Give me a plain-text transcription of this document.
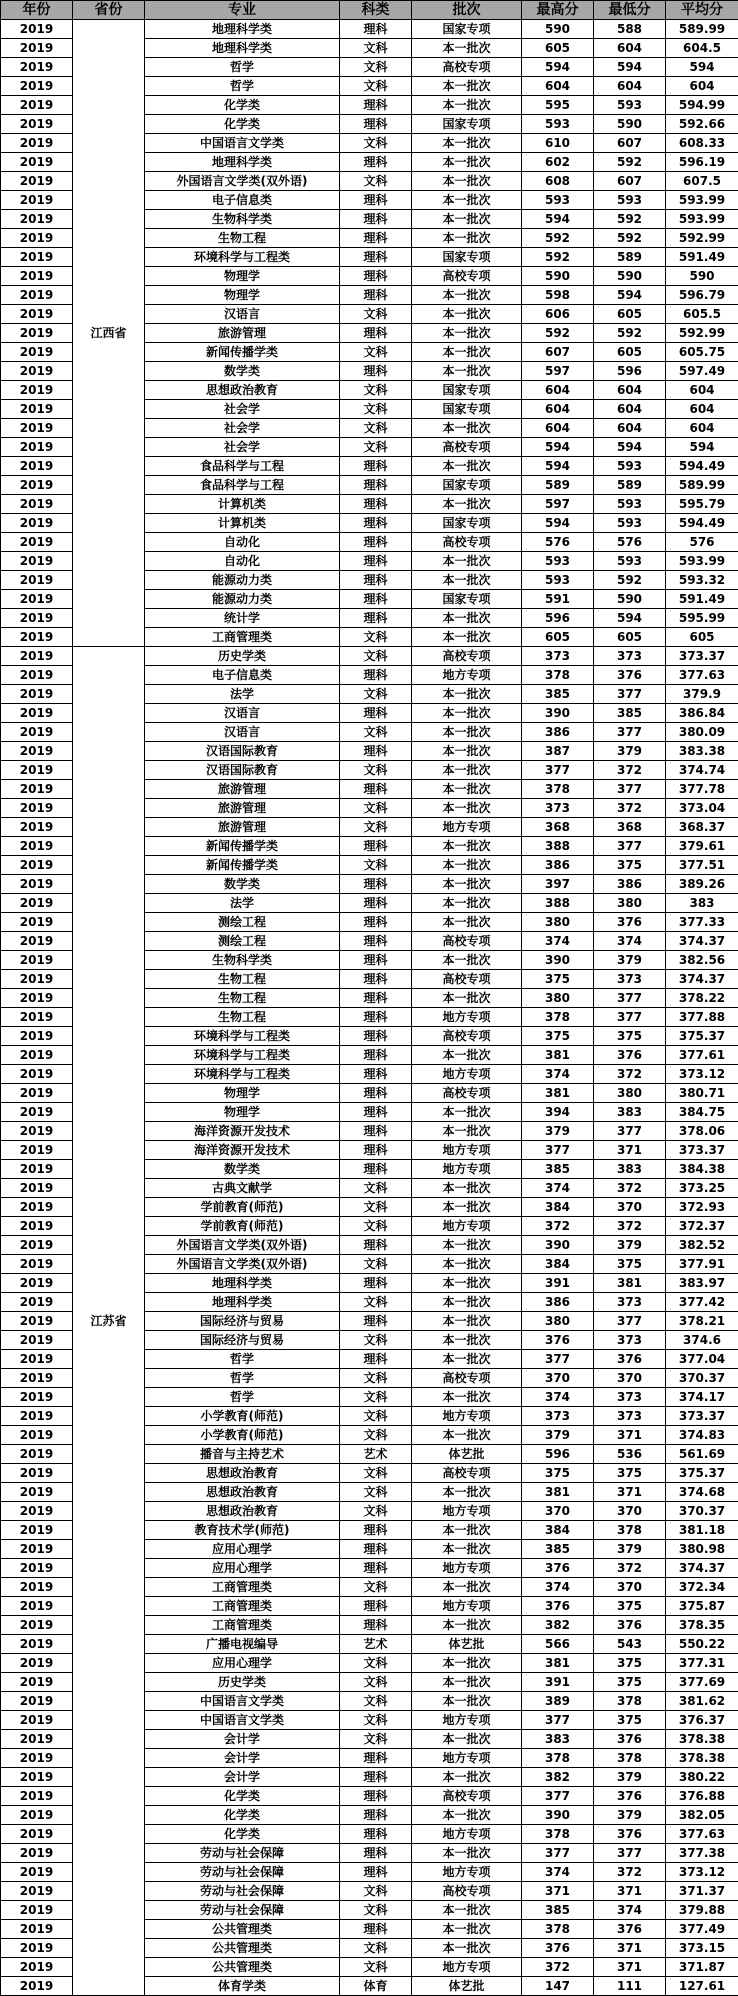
年份	省份	专业	科类	批次	最高分	最低分	平均分
2019	江西省	地理科学类	理科	国家专项	590	588	589.99
2019		地理科学类	文科	本一批次	605	604	604.5
2019		哲学	文科	高校专项	594	594	594
2019		哲学	文科	本一批次	604	604	604
2019		化学类	理科	本一批次	595	593	594.99
2019		化学类	理科	国家专项	593	590	592.66
2019		中国语言文学类	文科	本一批次	610	607	608.33
2019		地理科学类	理科	本一批次	602	592	596.19
2019		外国语言文学类(双外语)	文科	本一批次	608	607	607.5
2019		电子信息类	理科	本一批次	593	593	593.99
2019		生物科学类	理科	本一批次	594	592	593.99
2019		生物工程	理科	本一批次	592	592	592.99
2019		环境科学与工程类	理科	国家专项	592	589	591.49
2019		物理学	理科	高校专项	590	590	590
2019		物理学	理科	本一批次	598	594	596.79
2019		汉语言	文科	本一批次	606	605	605.5
2019		旅游管理	理科	本一批次	592	592	592.99
2019		新闻传播学类	文科	本一批次	607	605	605.75
2019		数学类	理科	本一批次	597	596	597.49
2019		思想政治教育	文科	国家专项	604	604	604
2019		社会学	文科	国家专项	604	604	604
2019		社会学	文科	本一批次	604	604	604
2019		社会学	文科	高校专项	594	594	594
2019		食品科学与工程	理科	本一批次	594	593	594.49
2019		食品科学与工程	理科	国家专项	589	589	589.99
2019		计算机类	理科	本一批次	597	593	595.79
2019		计算机类	理科	国家专项	594	593	594.49
2019		自动化	理科	高校专项	576	576	576
2019		自动化	理科	本一批次	593	593	593.99
2019		能源动力类	理科	本一批次	593	592	593.32
2019		能源动力类	理科	国家专项	591	590	591.49
2019		统计学	理科	本一批次	596	594	595.99
2019		工商管理类	文科	本一批次	605	605	605
2019	江苏省	历史学类	文科	高校专项	373	373	373.37
2019		电子信息类	理科	地方专项	378	376	377.63
2019		法学	文科	本一批次	385	377	379.9
2019		汉语言	理科	本一批次	390	385	386.84
2019		汉语言	文科	本一批次	386	377	380.09
2019		汉语国际教育	理科	本一批次	387	379	383.38
2019		汉语国际教育	文科	本一批次	377	372	374.74
2019		旅游管理	理科	本一批次	378	377	377.78
2019		旅游管理	文科	本一批次	373	372	373.04
2019		旅游管理	文科	地方专项	368	368	368.37
2019		新闻传播学类	理科	本一批次	388	377	379.61
2019		新闻传播学类	文科	本一批次	386	375	377.51
2019		数学类	理科	本一批次	397	386	389.26
2019		法学	理科	本一批次	388	380	383
2019		测绘工程	理科	本一批次	380	376	377.33
2019		测绘工程	理科	高校专项	374	374	374.37
2019		生物科学类	理科	本一批次	390	379	382.56
2019		生物工程	理科	高校专项	375	373	374.37
2019		生物工程	理科	本一批次	380	377	378.22
2019		生物工程	理科	地方专项	378	377	377.88
2019		环境科学与工程类	理科	高校专项	375	375	375.37
2019		环境科学与工程类	理科	本一批次	381	376	377.61
2019		环境科学与工程类	理科	地方专项	374	372	373.12
2019		物理学	理科	高校专项	381	380	380.71
2019		物理学	理科	本一批次	394	383	384.75
2019		海洋资源开发技术	理科	本一批次	379	377	378.06
2019		海洋资源开发技术	理科	地方专项	377	371	373.37
2019		数学类	理科	地方专项	385	383	384.38
2019		古典文献学	文科	本一批次	374	372	373.25
2019		学前教育(师范)	文科	本一批次	384	370	372.93
2019		学前教育(师范)	文科	地方专项	372	372	372.37
2019		外国语言文学类(双外语)	理科	本一批次	390	379	382.52
2019		外国语言文学类(双外语)	文科	本一批次	384	375	377.91
2019		地理科学类	理科	本一批次	391	381	383.97
2019		地理科学类	文科	本一批次	386	373	377.42
2019		国际经济与贸易	理科	本一批次	380	377	378.21
2019		国际经济与贸易	文科	本一批次	376	373	374.6
2019		哲学	理科	本一批次	377	376	377.04
2019		哲学	文科	高校专项	370	370	370.37
2019		哲学	文科	本一批次	374	373	374.17
2019		小学教育(师范)	文科	地方专项	373	373	373.37
2019		小学教育(师范)	文科	本一批次	379	371	374.83
2019		播音与主持艺术	艺术	体艺批	596	536	561.69
2019		思想政治教育	文科	高校专项	375	375	375.37
2019		思想政治教育	文科	本一批次	381	371	374.68
2019		思想政治教育	文科	地方专项	370	370	370.37
2019		教育技术学(师范)	理科	本一批次	384	378	381.18
2019		应用心理学	理科	本一批次	385	379	380.98
2019		应用心理学	理科	地方专项	376	372	374.37
2019		工商管理类	文科	本一批次	374	370	372.34
2019		工商管理类	理科	地方专项	376	375	375.87
2019		工商管理类	理科	本一批次	382	376	378.35
2019		广播电视编导	艺术	体艺批	566	543	550.22
2019		应用心理学	文科	本一批次	381	375	377.31
2019		历史学类	文科	本一批次	391	375	377.69
2019		中国语言文学类	文科	本一批次	389	378	381.62
2019		中国语言文学类	文科	地方专项	377	375	376.37
2019		会计学	文科	本一批次	383	376	378.38
2019		会计学	理科	地方专项	378	378	378.38
2019		会计学	理科	本一批次	382	379	380.22
2019		化学类	理科	高校专项	377	376	376.88
2019		化学类	理科	本一批次	390	379	382.05
2019		化学类	理科	地方专项	378	376	377.63
2019		劳动与社会保障	理科	本一批次	377	377	377.38
2019		劳动与社会保障	理科	地方专项	374	372	373.12
2019		劳动与社会保障	文科	高校专项	371	371	371.37
2019		劳动与社会保障	文科	本一批次	385	374	379.88
2019		公共管理类	理科	本一批次	378	376	377.49
2019		公共管理类	文科	本一批次	376	371	373.15
2019		公共管理类	文科	地方专项	372	371	371.87
2019		体育学类	体育	体艺批	147	111	127.61
